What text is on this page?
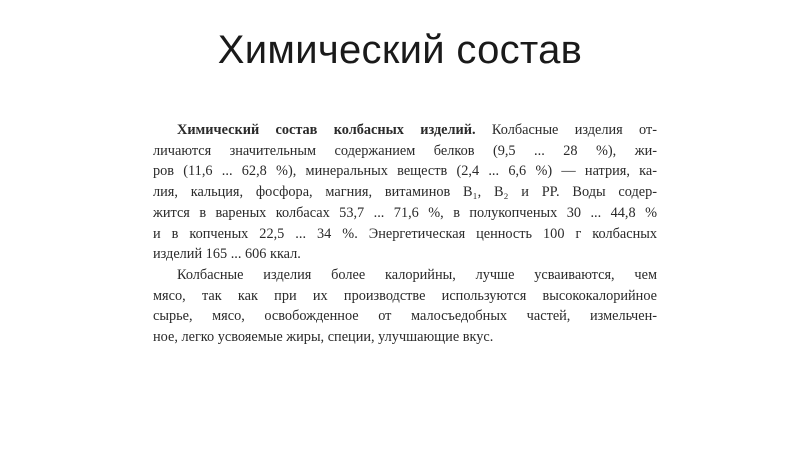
Химический состав
Химический состав колбасных изделий. Колбасные изделия от-
личаются значительным содержанием белков (9,5 ... 28 %), жи-
ров (11,6 ... 62,8 %), минеральных веществ (2,4 ... 6,6 %) — натрия, ка-
лия, кальция, фосфора, магния, витаминов B₁, B₂ и PP. Воды содер-
жится в вареных колбасах 53,7 ... 71,6 %, в полукопченых 30 ... 44,8 %
и в копченых 22,5 ... 34 %. Энергетическая ценность 100 г колбасных
изделий 165 ... 606 ккал.
Колбасные изделия более калорийны, лучше усваиваются, чем
мясо, так как при их производстве используются высококалорийное
сырье, мясо, освобожденное от малосъедобных частей, измельчен-
ное, легко усвояемые жиры, специи, улучшающие вкус.
